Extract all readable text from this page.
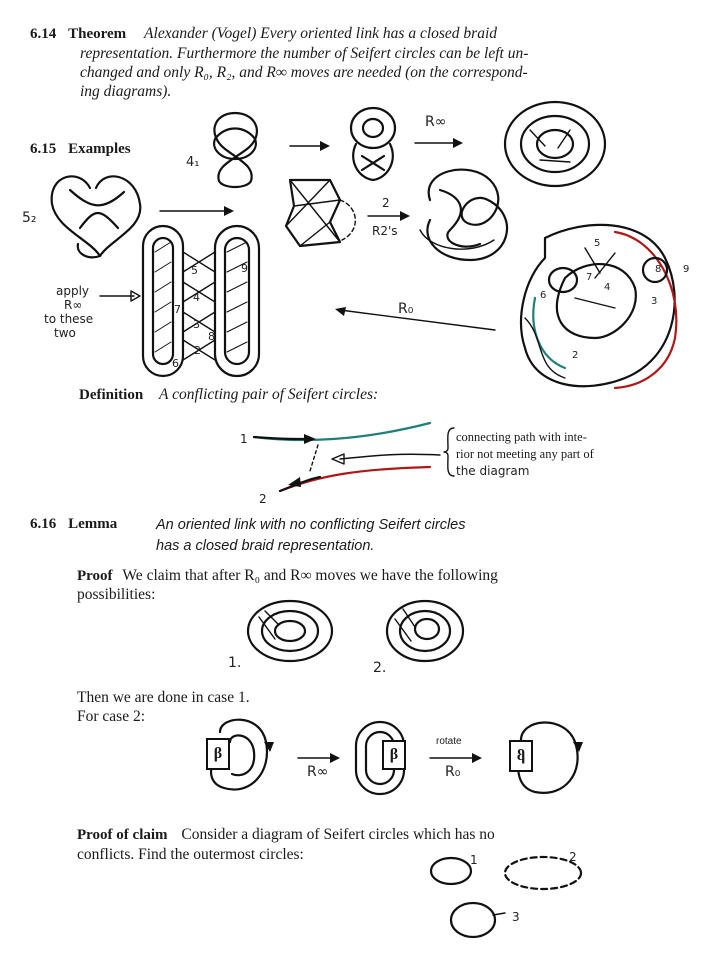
6.14 Theorem Alexander (Vogel) Every oriented link has a closed braid
representation. Furthermore the number of Seifert circles can be left un-
changed and only R₀, R₂, and R∞ moves are needed (on the correspond-
ing diagrams).
6.15 Examples
4₁
R∞
5₂
2
R2's
5
4
7
3
2
8
6
9
R₀
5
4
7
3
2
8
6
9
apply
R∞
to these
two
Definition A conflicting pair of Seifert circles:
1
2
connecting path with inte-
rior not meeting any part of
the diagram
6.16 Lemma	An oriented link with no conflicting Seifert circles
has a closed braid representation.
Proof We claim that after R₀ and R∞ moves we have the following
possibilities:
1.	2.
Then we are done in case 1.
For case 2:
β
R∞
β
rotate
R₀
β
Proof of claim Consider a diagram of Seifert circles which has no
conflicts. Find the outermost circles:	1	2
3
